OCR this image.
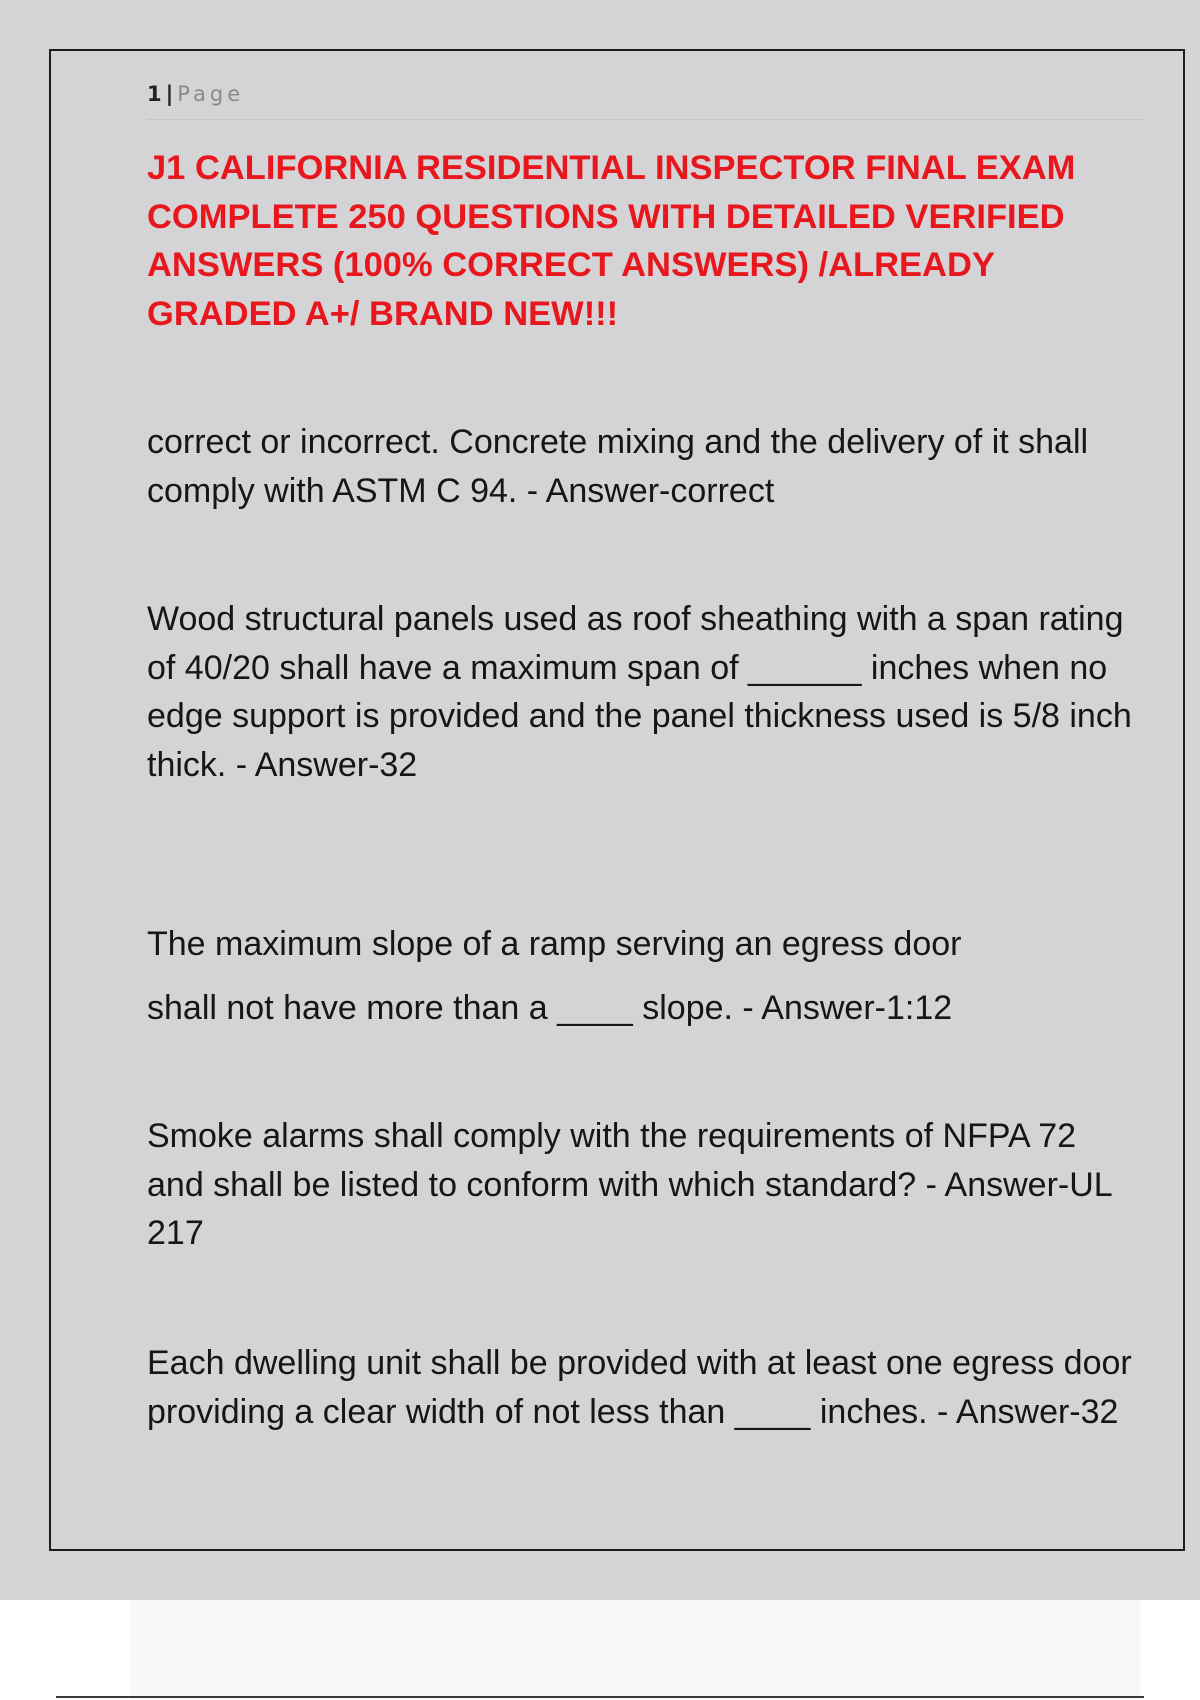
1 | Page
J1 CALIFORNIA RESIDENTIAL INSPECTOR FINAL EXAM COMPLETE 250 QUESTIONS WITH DETAILED VERIFIED ANSWERS (100% CORRECT ANSWERS) /ALREADY GRADED A+/ BRAND NEW!!!

correct or incorrect. Concrete mixing and the delivery of it shall comply with ASTM C 94. - Answer-correct

Wood structural panels used as roof sheathing with a span rating of 40/20 shall have a maximum span of ______ inches when no edge support is provided and the panel thickness used is 5/8 inch thick. - Answer-32

The maximum slope of a ramp serving an egress door

shall not have more than a ____ slope. - Answer-1:12

Smoke alarms shall comply with the requirements of NFPA 72 and shall be listed to conform with which standard? - Answer-UL 217

Each dwelling unit shall be provided with at least one egress door providing a clear width of not less than ____ inches. - Answer-32
